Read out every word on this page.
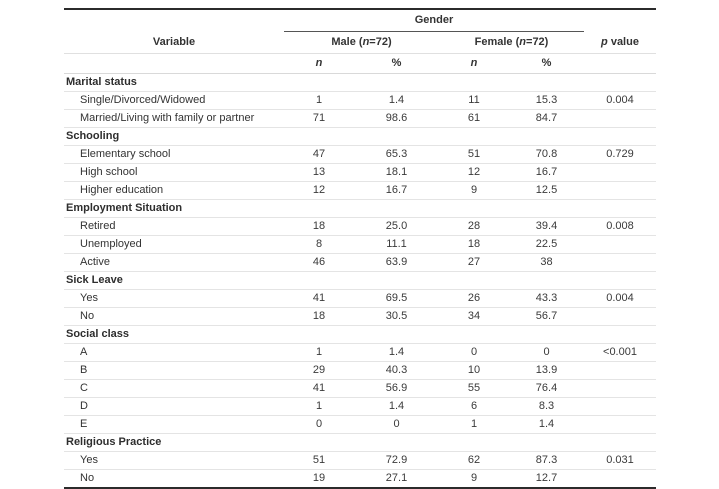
Gender
Variable	Male (n=72)	Female (n=72)	p value
n	%	n	%
Marital status
Single/Divorced/Widowed	1	1.4	11	15.3	0.004
Married/Living with family or partner	71	98.6	61	84.7
Schooling
Elementary school	47	65.3	51	70.8	0.729
High school	13	18.1	12	16.7
Higher education	12	16.7	9	12.5
Employment Situation
Retired	18	25.0	28	39.4	0.008
Unemployed	8	11.1	18	22.5
Active	46	63.9	27	38
Sick Leave
Yes	41	69.5	26	43.3	0.004
No	18	30.5	34	56.7
Social class
A	1	1.4	0	0	<0.001
B	29	40.3	10	13.9
C	41	56.9	55	76.4
D	1	1.4	6	8.3
E	0	0	1	1.4
Religious Practice
Yes	51	72.9	62	87.3	0.031
No	19	27.1	9	12.7
